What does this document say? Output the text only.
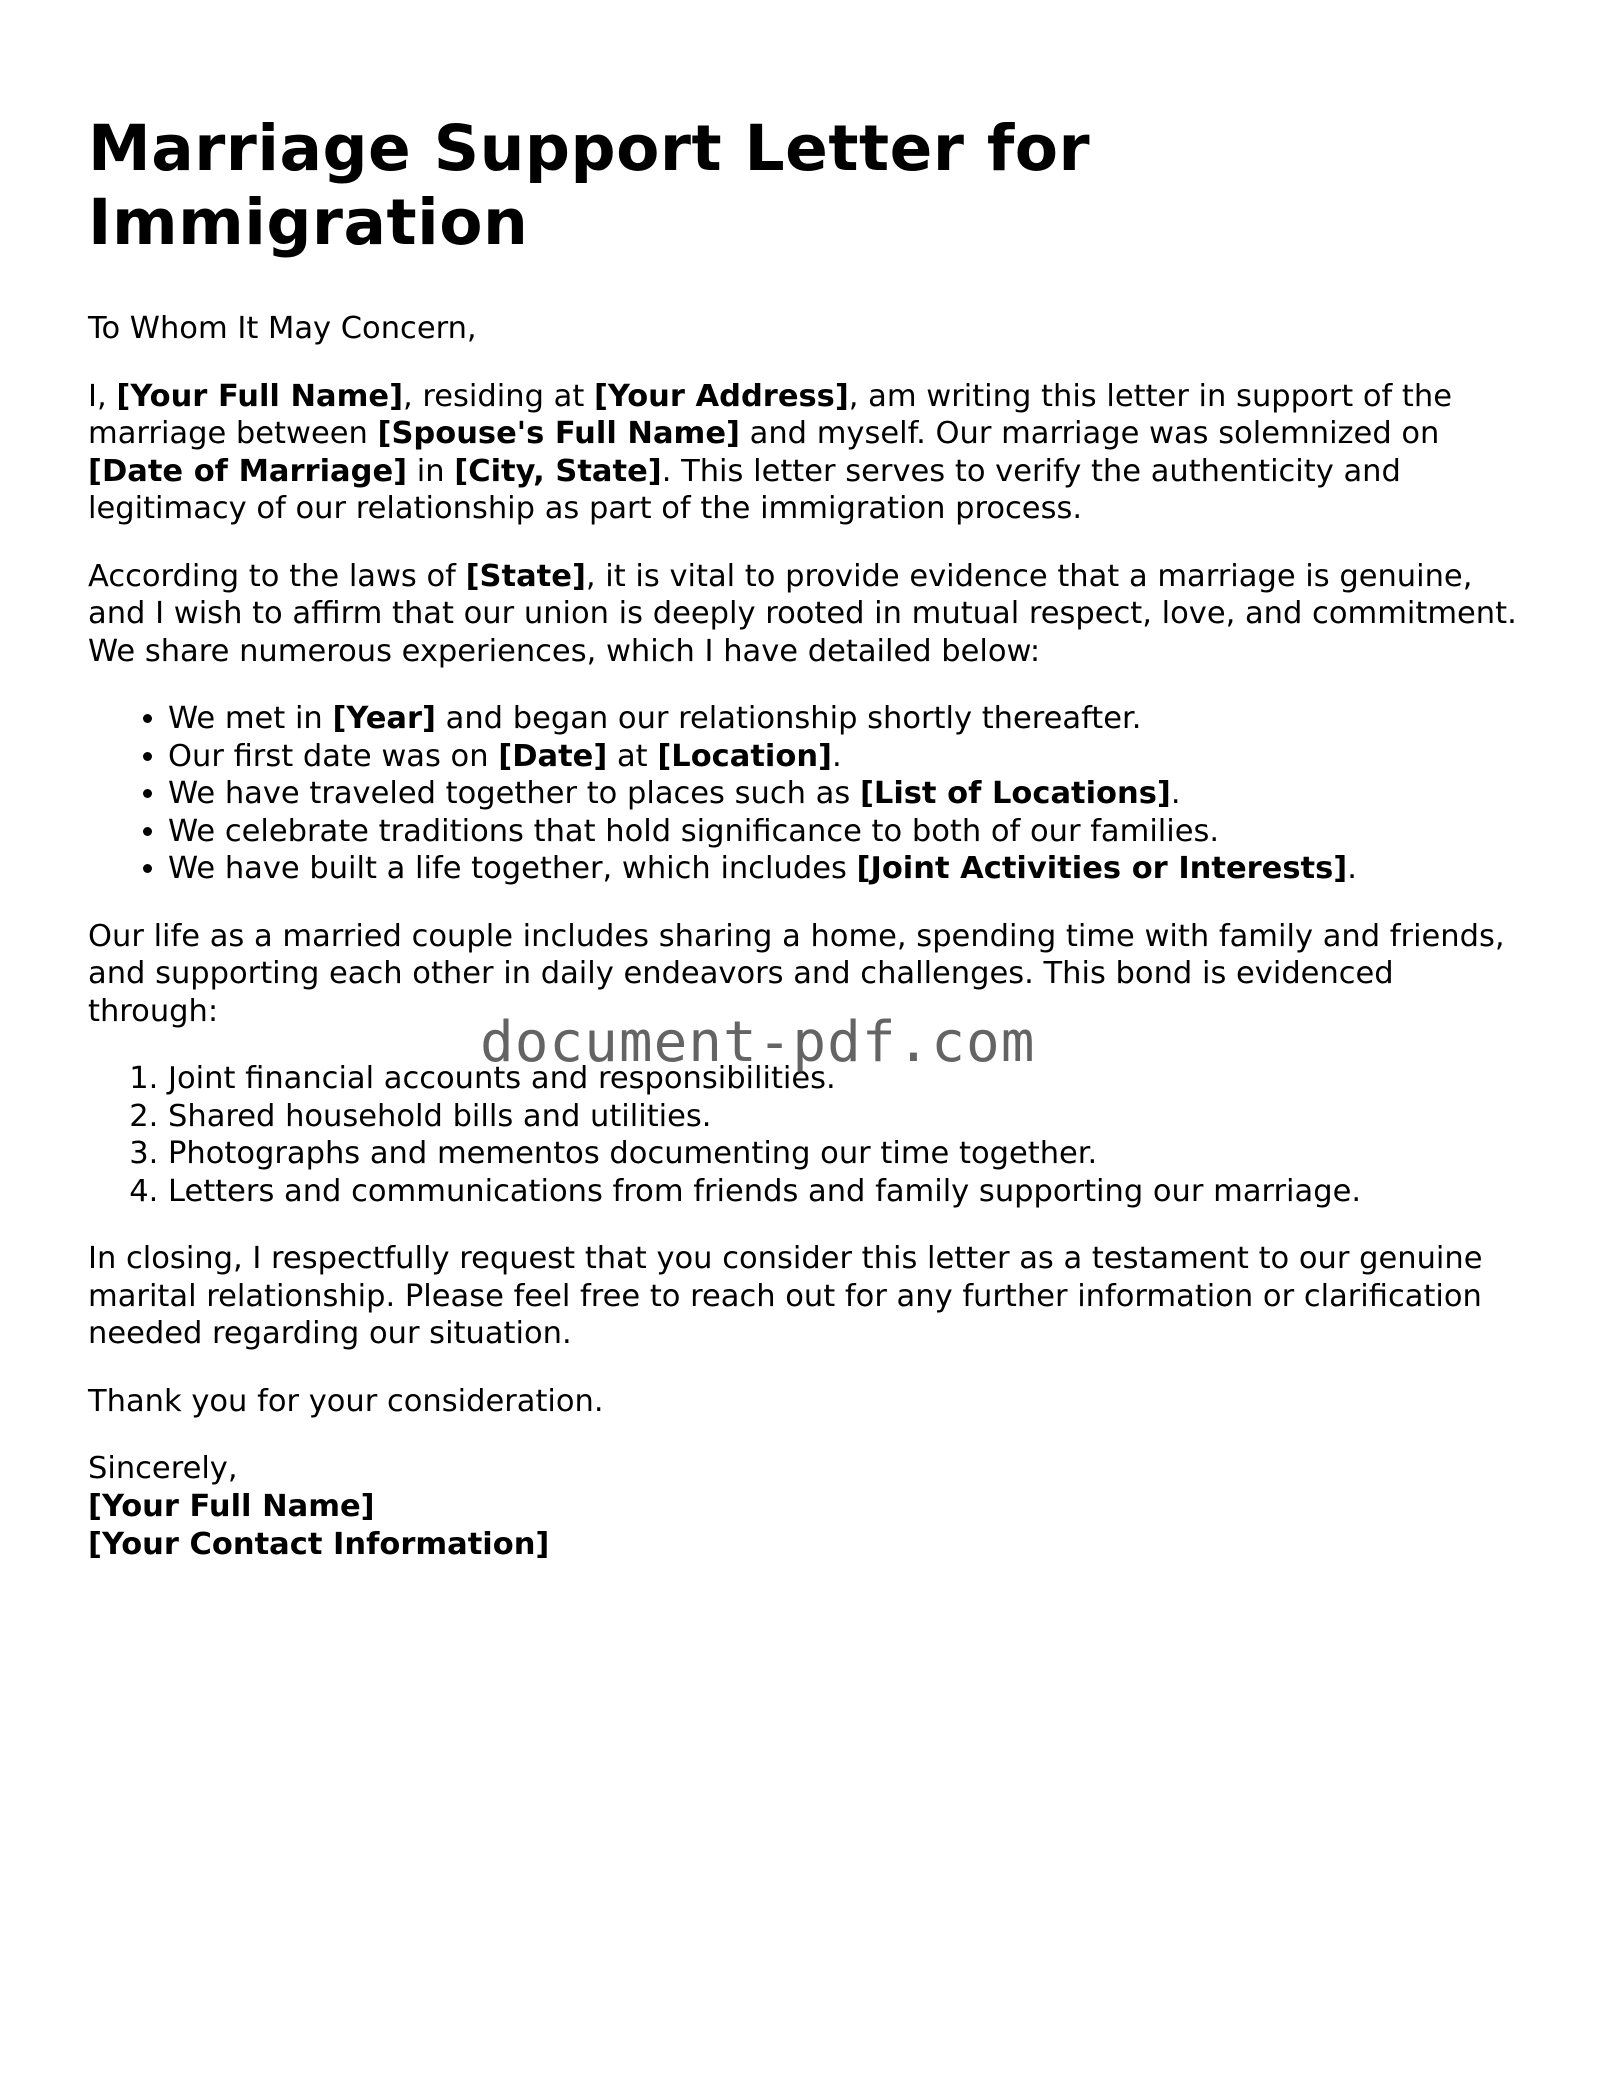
Marriage Support Letter for Immigration

To Whom It May Concern,

I, [Your Full Name], residing at [Your Address], am writing this letter in support of the marriage between [Spouse's Full Name] and myself. Our marriage was solemnized on [Date of Marriage] in [City, State]. This letter serves to verify the authenticity and legitimacy of our relationship as part of the immigration process.

According to the laws of [State], it is vital to provide evidence that a marriage is genuine, and I wish to affirm that our union is deeply rooted in mutual respect, love, and commitment. We share numerous experiences, which I have detailed below:

• We met in [Year] and began our relationship shortly thereafter.
• Our first date was on [Date] at [Location].
• We have traveled together to places such as [List of Locations].
• We celebrate traditions that hold significance to both of our families.
• We have built a life together, which includes [Joint Activities or Interests].

Our life as a married couple includes sharing a home, spending time with family and friends, and supporting each other in daily endeavors and challenges. This bond is evidenced through:

1. Joint financial accounts and responsibilities.
2. Shared household bills and utilities.
3. Photographs and mementos documenting our time together.
4. Letters and communications from friends and family supporting our marriage.

In closing, I respectfully request that you consider this letter as a testament to our genuine marital relationship. Please feel free to reach out for any further information or clarification needed regarding our situation.

Thank you for your consideration.

Sincerely,
[Your Full Name]
[Your Contact Information]
document-pdf.com
